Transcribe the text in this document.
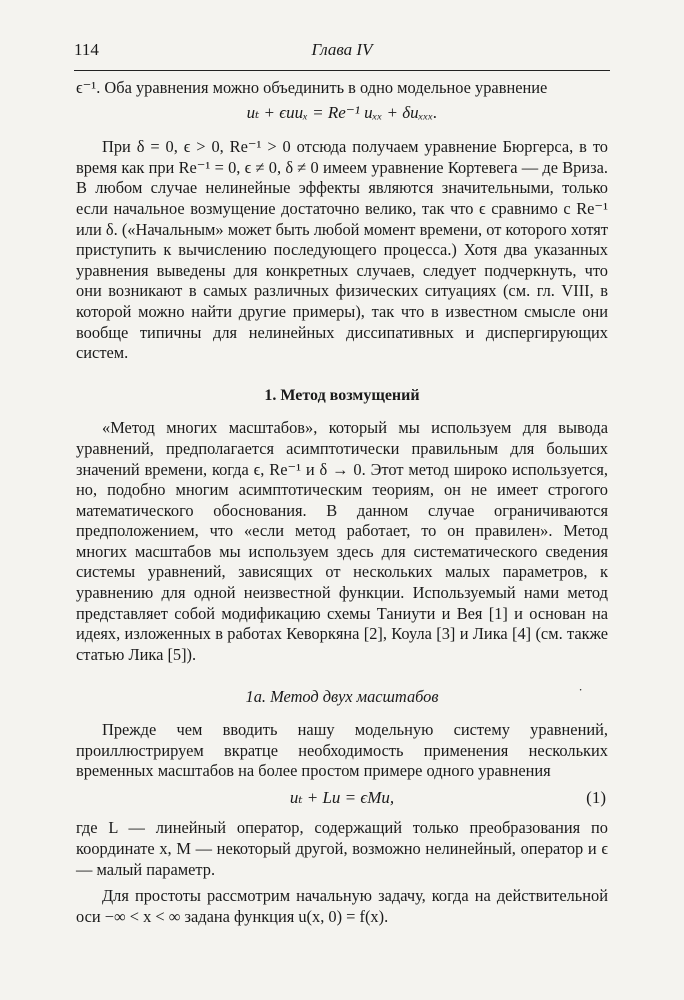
114	Глава IV

ϵ⁻¹. Оба уравнения можно объединить в одно модельное уравнение

uₜ + ϵuuₓ = Re⁻¹ uₓₓ + δuₓₓₓ.

При δ = 0, ϵ > 0, Re⁻¹ > 0 отсюда получаем уравнение Бюргерса, в то время как при Re⁻¹ = 0, ϵ ≠ 0, δ ≠ 0 имеем уравнение Кортевега — де Вриза. В любом случае нелинейные эффекты являются значительными, только если начальное возмущение достаточно велико, так что ϵ сравнимо с Re⁻¹ или δ. («Начальным» может быть любой момент времени, от которого хотят приступить к вычислению последующего процесса.) Хотя два указанных уравнения выведены для конкретных случаев, следует подчеркнуть, что они возникают в самых различных физических ситуациях (см. гл. VIII, в которой можно найти другие примеры), так что в известном смысле они вообще типичны для нелинейных диссипативных и диспергирующих систем.

1. Метод возмущений

«Метод многих масштабов», который мы используем для вывода уравнений, предполагается асимптотически правильным для больших значений времени, когда ϵ, Re⁻¹ и δ → 0. Этот метод широко используется, но, подобно многим асимптотическим теориям, он не имеет строгого математического обоснования. В данном случае ограничиваются предположением, что «если метод работает, то он правилен». Метод многих масштабов мы используем здесь для систематического сведения системы уравнений, зависящих от нескольких малых параметров, к уравнению для одной неизвестной функции. Используемый нами метод представляет собой модификацию схемы Таниути и Вея [1] и основан на идеях, изложенных в работах Кеворкяна [2], Коула [3] и Лика [4] (см. также статью Лика [5]).

1а. Метод двух масштабов	˙

Прежде чем вводить нашу модельную систему уравнений, проиллюстрируем вкратце необходимость применения нескольких временных масштабов на более простом примере одного уравнения

uₜ + Lu = ϵMu,	(1)

где L — линейный оператор, содержащий только преобразования по координате x, M — некоторый другой, возможно нелинейный, оператор и ϵ — малый параметр.

Для простоты рассмотрим начальную задачу, когда на действительной оси −∞ < x < ∞ задана функция u(x, 0) = f(x).
